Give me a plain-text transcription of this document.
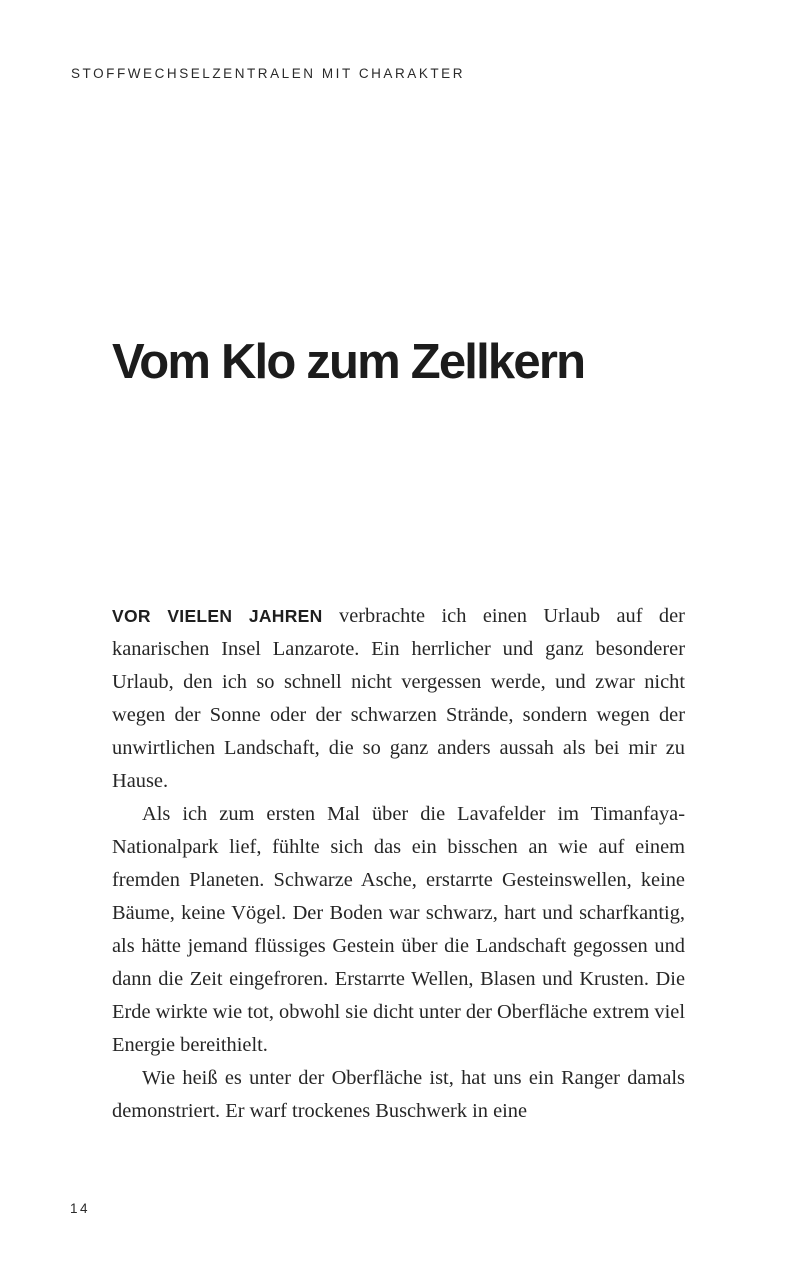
STOFFWECHSELZENTRALEN MIT CHARAKTER
Vom Klo zum Zellkern

VOR VIELEN JAHREN verbrachte ich einen Urlaub auf der kanarischen Insel Lanzarote. Ein herrlicher und ganz besonderer Urlaub, den ich so schnell nicht vergessen werde, und zwar nicht wegen der Sonne oder der schwarzen Strände, sondern wegen der unwirtlichen Landschaft, die so ganz anders aussah als bei mir zu Hause.

Als ich zum ersten Mal über die Lavafelder im Timanfaya-Nationalpark lief, fühlte sich das ein bisschen an wie auf einem fremden Planeten. Schwarze Asche, erstarrte Gesteinswellen, keine Bäume, keine Vögel. Der Boden war schwarz, hart und scharfkantig, als hätte jemand flüssiges Gestein über die Landschaft gegossen und dann die Zeit eingefroren. Erstarrte Wellen, Blasen und Krusten. Die Erde wirkte wie tot, obwohl sie dicht unter der Oberfläche extrem viel Energie bereithielt.

Wie heiß es unter der Oberfläche ist, hat uns ein Ranger damals demonstriert. Er warf trockenes Buschwerk in eine

14
